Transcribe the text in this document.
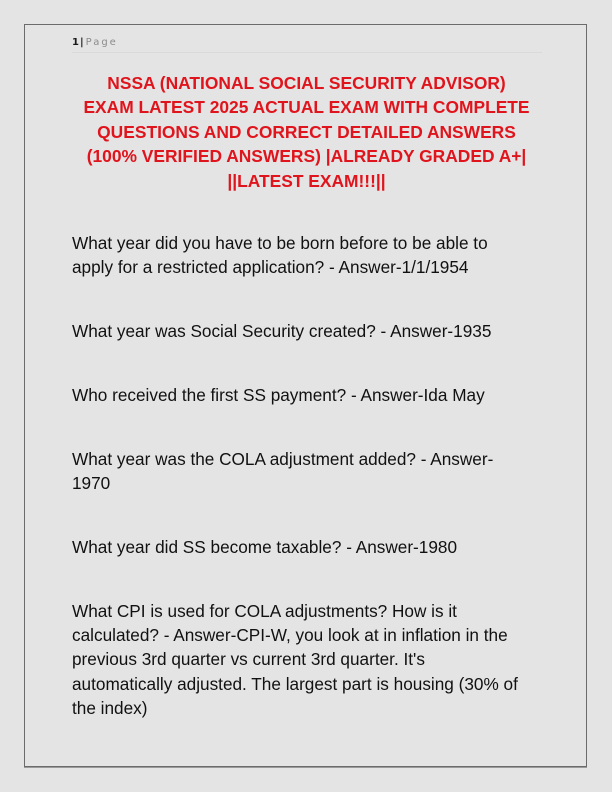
1| Page
NSSA (NATIONAL SOCIAL SECURITY ADVISOR)
EXAM LATEST 2025 ACTUAL EXAM WITH COMPLETE
QUESTIONS AND CORRECT DETAILED ANSWERS
(100% VERIFIED ANSWERS) |ALREADY GRADED A+|
||LATEST EXAM!!!||

What year did you have to be born before to be able to
apply for a restricted application? - Answer-1/1/1954

What year was Social Security created? - Answer-1935

Who received the first SS payment? - Answer-Ida May

What year was the COLA adjustment added? - Answer-
1970

What year did SS become taxable? - Answer-1980

What CPI is used for COLA adjustments? How is it
calculated? - Answer-CPI-W, you look at in inflation in the
previous 3rd quarter vs current 3rd quarter. It's
automatically adjusted. The largest part is housing (30% of
the index)
